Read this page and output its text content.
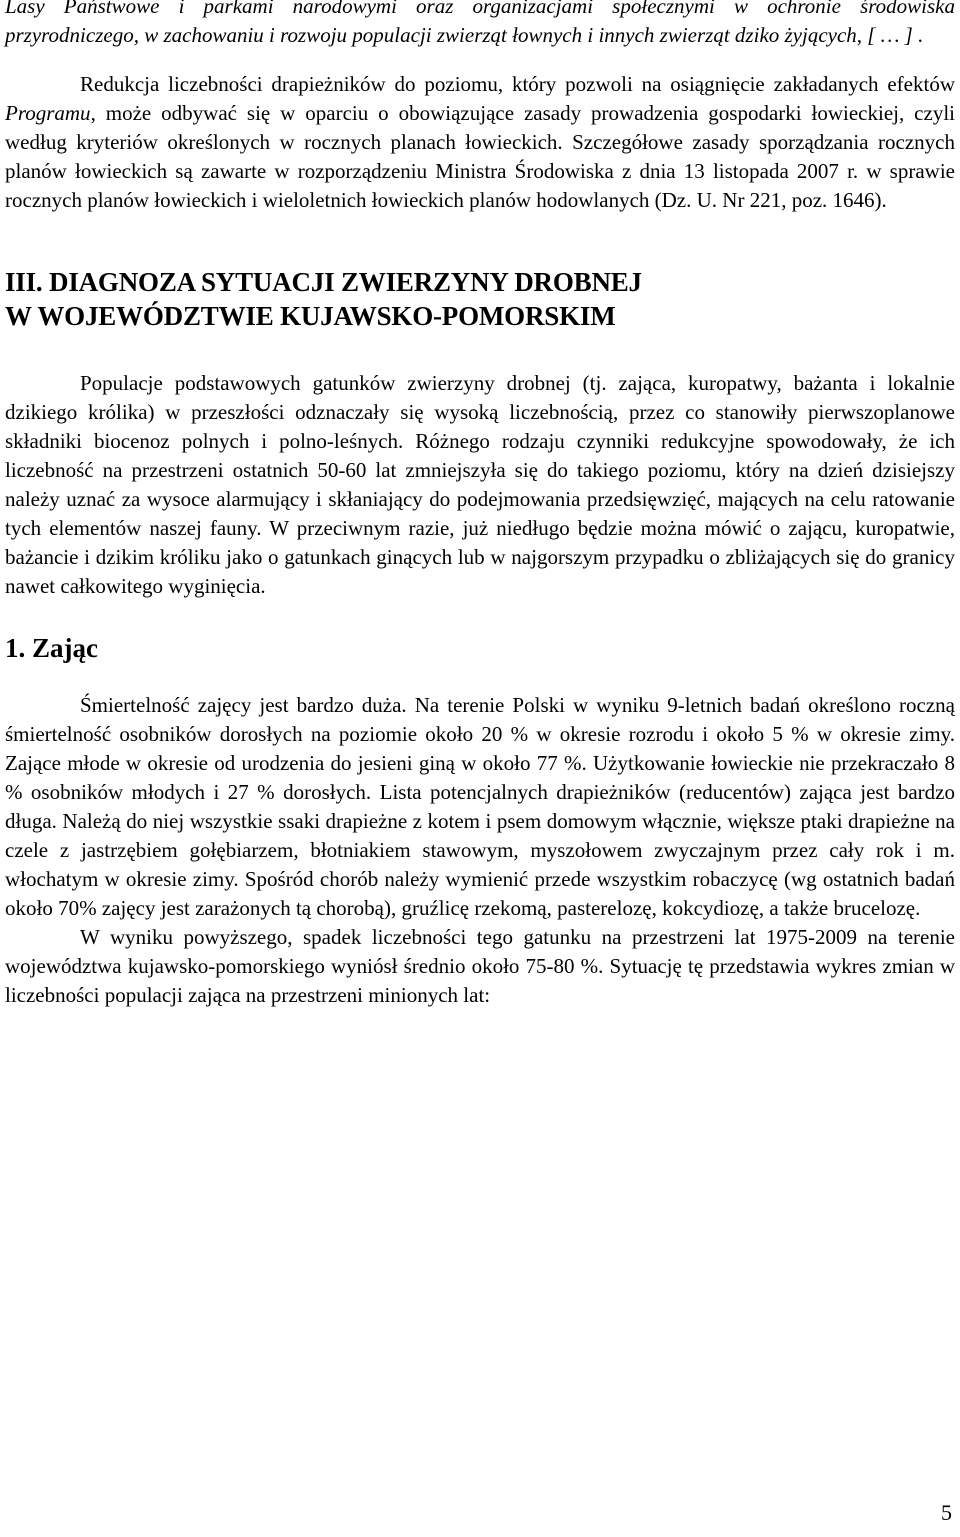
Lasy Państwowe i parkami narodowymi oraz organizacjami społecznymi w ochronie środowiska przyrodniczego, w zachowaniu i rozwoju populacji zwierząt łownych i innych zwierząt dziko żyjących, [ … ] .

Redukcja liczebności drapieżników do poziomu, który pozwoli na osiągnięcie zakładanych efektów Programu, może odbywać się w oparciu o obowiązujące zasady prowadzenia gospodarki łowieckiej, czyli według kryteriów określonych w rocznych planach łowieckich. Szczegółowe zasady sporządzania rocznych planów łowieckich są zawarte w rozporządzeniu Ministra Środowiska z dnia 13 listopada 2007 r. w sprawie rocznych planów łowieckich i wieloletnich łowieckich planów hodowlanych (Dz. U. Nr 221, poz. 1646).

III. DIAGNOZA SYTUACJI ZWIERZYNY DROBNEJ
W WOJEWÓDZTWIE KUJAWSKO-POMORSKIM

Populacje podstawowych gatunków zwierzyny drobnej (tj. zająca, kuropatwy, bażanta i lokalnie dzikiego królika) w przeszłości odznaczały się wysoką liczebnością, przez co stanowiły pierwszoplanowe składniki biocenoz polnych i polno-leśnych. Różnego rodzaju czynniki redukcyjne spowodowały, że ich liczebność na przestrzeni ostatnich 50-60 lat zmniejszyła się do takiego poziomu, który na dzień dzisiejszy należy uznać za wysoce alarmujący i skłaniający do podejmowania przedsięwzięć, mających na celu ratowanie tych elementów naszej fauny. W przeciwnym razie, już niedługo będzie można mówić o zającu, kuropatwie, bażancie i dzikim króliku jako o gatunkach ginących lub w najgorszym przypadku o zbliżających się do granicy nawet całkowitego wyginięcia.

1. Zając

Śmiertelność zajęcy jest bardzo duża. Na terenie Polski w wyniku 9-letnich badań określono roczną śmiertelność osobników dorosłych na poziomie około 20 % w okresie rozrodu i około 5 % w okresie zimy. Zające młode w okresie od urodzenia do jesieni giną w około 77 %. Użytkowanie łowieckie nie przekraczało 8 % osobników młodych i 27 % dorosłych. Lista potencjalnych drapieżników (reducentów) zająca jest bardzo długa. Należą do niej wszystkie ssaki drapieżne z kotem i psem domowym włącznie, większe ptaki drapieżne na czele z jastrzębiem gołębiarzem, błotniakiem stawowym, myszołowem zwyczajnym przez cały rok i m. włochatym w okresie zimy. Spośród chorób należy wymienić przede wszystkim robaczycę (wg ostatnich badań około 70% zajęcy jest zarażonych tą chorobą), gruźlicę rzekomą, pasterelozę, kokcydiozę, a także brucelozę.

W wyniku powyższego, spadek liczebności tego gatunku na przestrzeni lat 1975-2009 na terenie województwa kujawsko-pomorskiego wyniósł średnio około 75-80 %. Sytuację tę przedstawia wykres zmian w liczebności populacji zająca na przestrzeni minionych lat:

5
